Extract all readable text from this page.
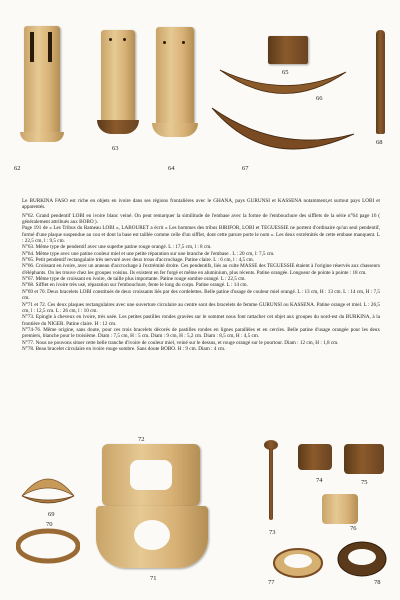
62
63
64
65
66
67
68

Le BURKINA FASO est riche en objets en ivoire dans ses régions frontalières avec le GHANA, pays GURUNSI et KASSENA notamment,et surtout pays LOBI et apparentés.

N°62. Grand pendentif LOBI en ivoire blanc veiné. On peut remarquer la similitude de l'embase avec la forme de l'embouchure des sifflets de la série n°64 page 16 ( généralement attribués aux BOBO ).

Page 191 de « Les Tribus du Rameau LOBI », LABOURET a écrit « Les hommes des tribus BIRIFOR, LOBI et TEGUESSIE ne portent d'ordinaire qu'un seul pendentif, formé d'une plaque suspendue au cou et dont la base est taillée comme celle d'un sifflet, dont cette parure porte le nom ». Les deux extrémités de cette embase manquent. L : 22,5 cm, l : 9,5 cm.

N°63. Même type de pendentif avec une superbe patine rouge orangé. L : 17,5 cm, l : 8 cm.

N°64. Même type avec une patine couleur miel et une petite réparation sur une branche de l'embase . L : 20 cm, l: 7,5 cm.

N°65. Petit pendentif rectangulaire très nervuré avec deux trous d'accrochage. Patine claire. L : 6 cm, l : 4,5 cm.

N°66. Croissant en ivoire, avec un anneau d'accrochage à l'extrémité droite. Ces pendentifs, liés au culte MASSE des TEGUESSIE étaient à l'origine réservés aux chasseurs d'éléphants. On les trouve chez les groupes voisins. Ils existent en fer forgé et même en aluminium, plus récents. Patine orangée. Longueur de pointe à pointe : 18 cm.

N°67. Même type de croissant en ivoire, de taille plus importante. Patine rouge sombre orangé. L : 22,5 cm.

N°68. Sifflet en ivoire très usé, réparation sur l'embouchure, fente le long du corps. Patine orangé. L : 14 cm.

N°69 et 70. Deux bracelets LOBI constitués de deux croissants liés par des cordelettes. Belle patine d'usage de couleur miel orangé. L : 13 cm, H : 13 cm. L : 14 cm, H : 7,5 cm.

N°71 et 72. Ces deux plaques rectangulaires avec une ouverture circulaire au centre sont des bracelets de femme GURUNSI ou KASSENA. Patine orange et miel. L : 26,5 cm, l : 12,5 cm. L : 26 cm, l : 10 cm.

N°73. Epingle à cheveux en ivoire, très usée. Les petites pastilles rondes gravées sur le sommet nous font rattacher cet objet aux groupes du nord-est du BURKINA, à la frontière du NIGER. Patine claire. H : 12 cm.

N°74-76. Même origine, sans doute, pour ces trois bracelets décorés de pastilles rondes en lignes parallèles et en cercles. Belle patine d'usage orangée pour les deux premiers, blanche pour le troisième. Diam : 7,5 cm, H : 5 cm. Diam : 9 cm, H : 5,2 cm. Diam : 8,5 cm, H : 4,5 cm.

N°77. Nous ne pouvons situer cette belle tranche d'ivoire de couleur miel, veiné sur le dessus, et rouge orangé sur le pourtour. Diam : 12 cm, H : 1,8 cm.

N°78. Beau bracelet circulaire en ivoire rouge sombre. Sans doute BOBO. H : 9 cm. Diam : 4 cm.

69
70
72
71
73
74	75
76
77	78
